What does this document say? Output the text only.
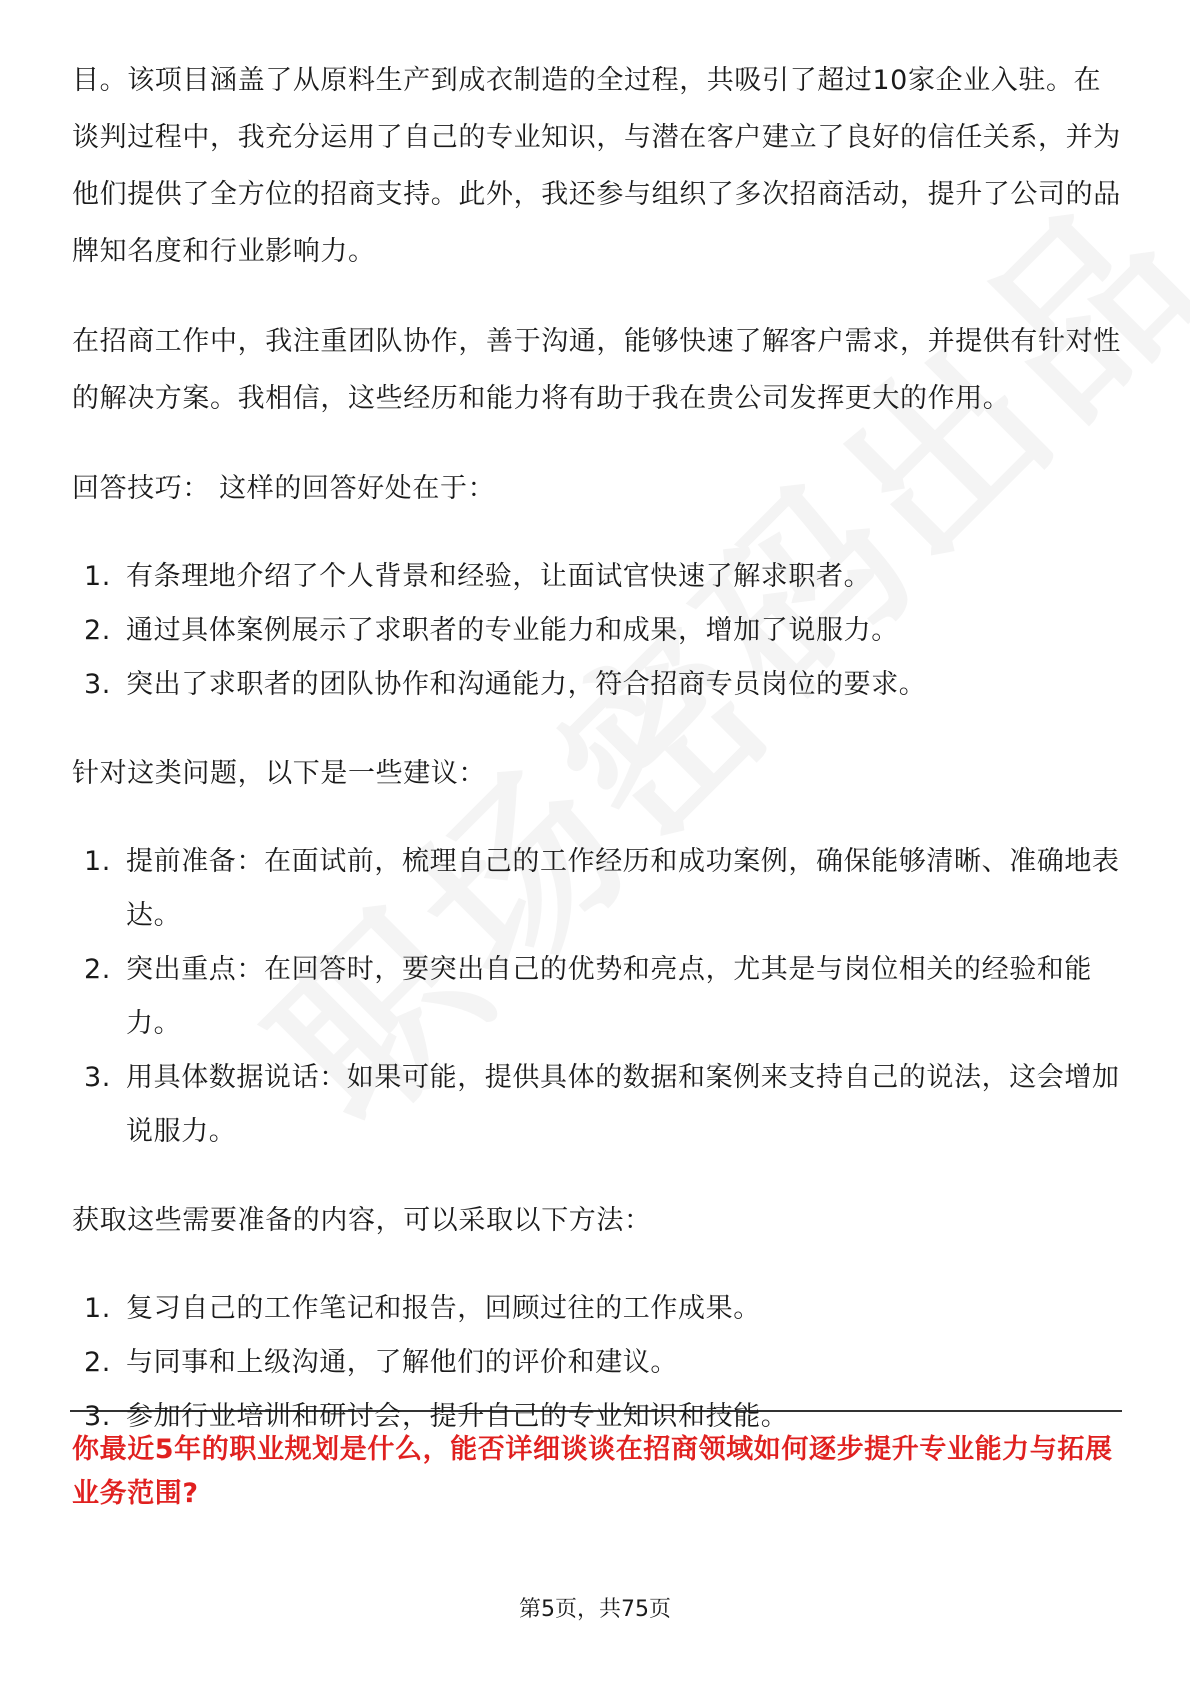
目。该项目涵盖了从原料生产到成衣制造的全过程，共吸引了超过10家企业入驻。在谈判过程中，我充分运用了自己的专业知识，与潜在客户建立了良好的信任关系，并为他们提供了全方位的招商支持。此外，我还参与组织了多次招商活动，提升了公司的品牌知名度和行业影响力。

在招商工作中，我注重团队协作，善于沟通，能够快速了解客户需求，并提供有针对性的解决方案。我相信，这些经历和能力将有助于我在贵公司发挥更大的作用。

回答技巧： 这样的回答好处在于：

1. 有条理地介绍了个人背景和经验，让面试官快速了解求职者。
2. 通过具体案例展示了求职者的专业能力和成果，增加了说服力。
3. 突出了求职者的团队协作和沟通能力，符合招商专员岗位的要求。

针对这类问题，以下是一些建议：

1. 提前准备：在面试前，梳理自己的工作经历和成功案例，确保能够清晰、准确地表达。
2. 突出重点：在回答时，要突出自己的优势和亮点，尤其是与岗位相关的经验和能力。
3. 用具体数据说话：如果可能，提供具体的数据和案例来支持自己的说法，这会增加说服力。

获取这些需要准备的内容，可以采取以下方法：

1. 复习自己的工作笔记和报告，回顾过往的工作成果。
2. 与同事和上级沟通，了解他们的评价和建议。
3. 参加行业培训和研讨会，提升自己的专业知识和技能。
你最近5年的职业规划是什么，能否详细谈谈在招商领域如何逐步提升专业能力与拓展业务范围?
第5页，共75页
